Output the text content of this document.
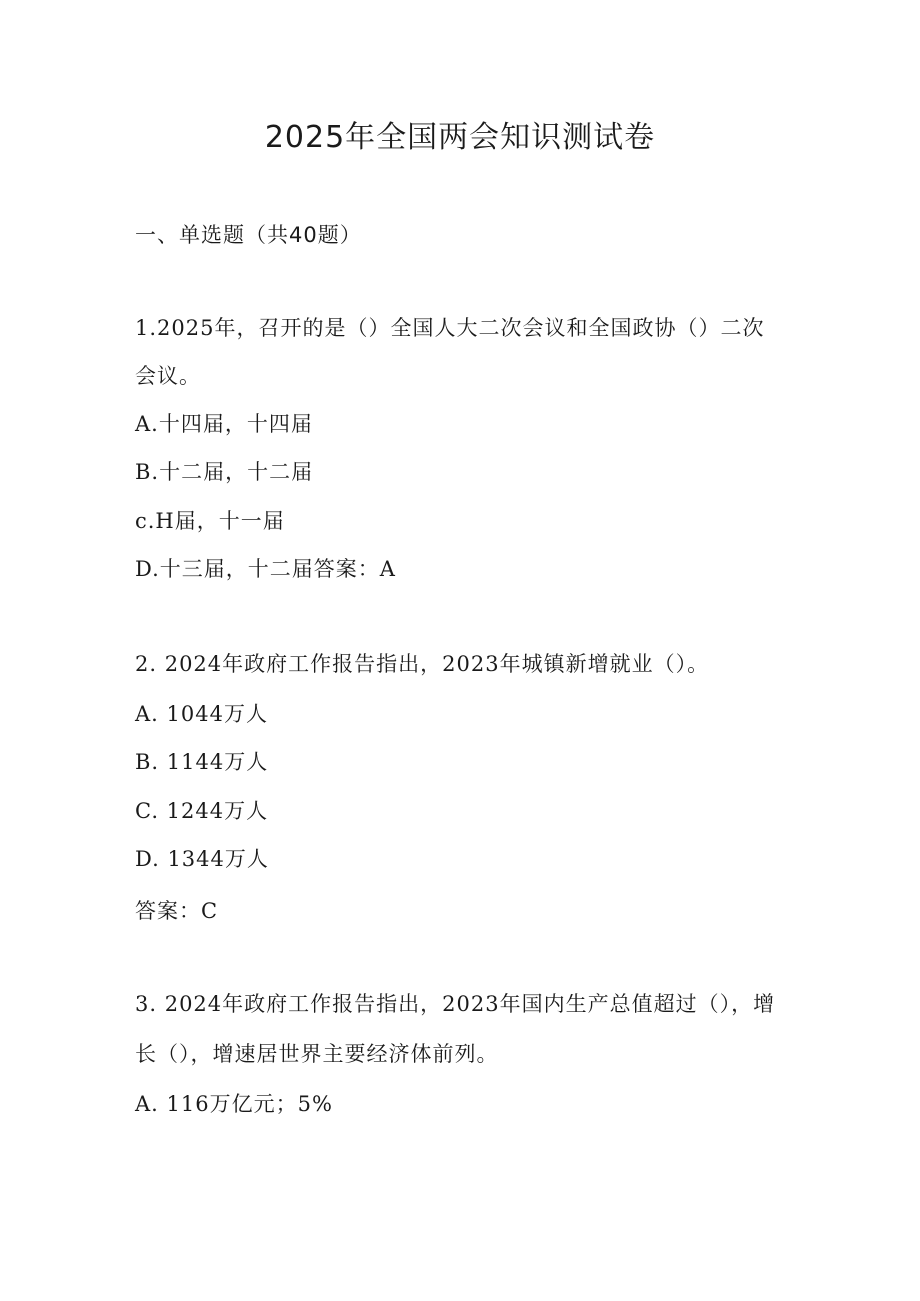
2025年全国两会知识测试卷
一、单选题（共40题）
1.2025年，召开的是（）全国人大二次会议和全国政协（）二次
会议。
A.十四届，十四届
B.十二届，十二届
c.H届，十一届
D.十三届，十二届答案：A
2. 2024年政府工作报告指出，2023年城镇新增就业（）。
A. 1044万人
B. 1144万人
C. 1244万人
D. 1344万人
答案：C
3. 2024年政府工作报告指出，2023年国内生产总值超过（），增
长（），增速居世界主要经济体前列。
A. 116万亿元；5%
